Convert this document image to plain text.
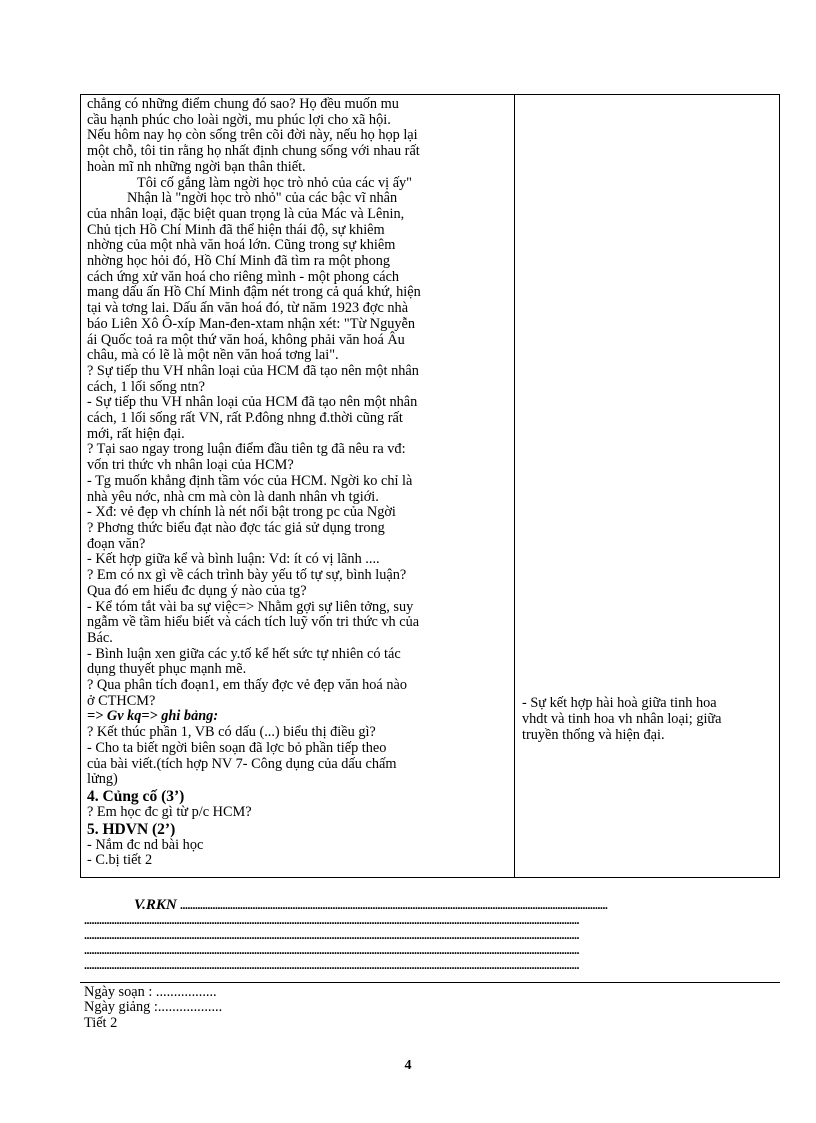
chẳng có những điểm chung đó sao? Họ đều muốn mu
cầu hạnh phúc cho loài ngời, mu phúc lợi cho xã hội.
Nếu hôm nay họ còn sống trên cõi đời này, nếu họ họp lại
một chỗ, tôi tin rằng họ nhất định chung sống với nhau rất
hoàn mĩ nh những ngời bạn thân thiết.
Tôi cố gắng làm ngời học trò nhỏ của các vị ấy"
Nhận là "ngời học trò nhỏ" của các bậc vĩ nhân
của nhân loại, đặc biệt quan trọng là của Mác và Lênin,
Chủ tịch Hồ Chí Minh đã thể hiện thái độ, sự khiêm
nhờng của một nhà văn hoá lớn. Cũng trong sự khiêm
nhờng học hỏi đó, Hồ Chí Minh đã tìm ra một phong
cách ứng xử văn hoá cho riêng mình - một phong cách
mang dấu ấn Hồ Chí Minh đậm nét trong cả quá khứ, hiện
tại và tơng lai. Dấu ấn văn hoá đó, từ năm 1923 đợc nhà
báo Liên Xô Ô-xíp Man-đen-xtam nhận xét: "Từ Nguyễn
ái Quốc toả ra một thứ văn hoá, không phải văn hoá Âu
châu, mà có lẽ là một nền văn hoá tơng lai".
? Sự tiếp thu VH nhân loại của HCM đã tạo nên một nhân
cách, 1 lối sống ntn?
- Sự tiếp thu VH nhân loại của HCM đã tạo nên một nhân
cách, 1 lối sống rất VN, rất P.đông nhng đ.thời cũng rất
mới, rất hiện đại.
? Tại sao ngay trong luận điểm đầu tiên tg đã nêu ra vđ:
vốn tri thức vh nhân loại của HCM?
- Tg muốn khẳng định tầm vóc của HCM. Ngời ko chỉ là
nhà yêu nớc, nhà cm mà còn là danh nhân vh tgiới.
- Xđ: vẻ đẹp vh chính là nét nổi bật trong pc của Ngời
? Phơng thức biểu đạt nào đợc tác giả sử dụng trong
đoạn văn?
- Kết hợp giữa kể và bình luận: Vd: ít có vị lãnh ....
? Em có nx gì về cách trình bày yếu tố tự sự, bình luận?
Qua đó em hiểu đc dụng ý nào của tg?
- Kể tóm tắt vài ba sự việc=> Nhằm gợi sự liên tởng, suy
ngẫm về tầm hiểu biết và cách tích luỹ vốn tri thức vh của
Bác.
- Bình luận xen giữa các y.tố kể hết sức tự nhiên có tác
dụng thuyết phục mạnh mẽ.
? Qua phân tích đoạn1, em thấy đợc vẻ đẹp văn hoá nào
ở CTHCM?
=> Gv kq=> ghi bảng:
? Kết thúc phần 1, VB có dấu (...) biểu thị điều gì?
- Cho ta biết ngời biên soạn đã lợc bỏ phần tiếp theo
của bài viết.(tích hợp NV 7- Công dụng của dấu chấm
lửng)
4. Củng cố (3’)
? Em học đc gì từ p/c HCM?
5. HDVN (2’)
- Nắm đc nd bài học
- C.bị tiết 2
- Sự kết hợp hài hoà giữa tinh hoa
vhdt và tinh hoa vh nhân loại; giữa
truyền thống và hiện đại.
V.RKN ...........................................................................................................................................................................
......................................................................................................................................................................................................
......................................................................................................................................................................................................
......................................................................................................................................................................................................
......................................................................................................................................................................................................
Ngày soạn : .................
Ngày giảng :..................
Tiết 2
4
